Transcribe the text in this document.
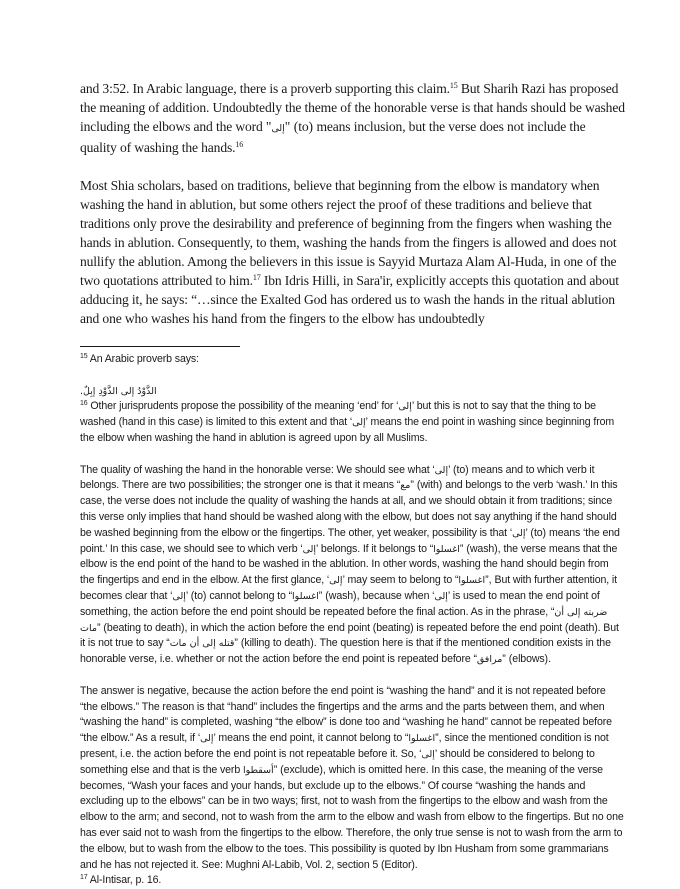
and 3:52. In Arabic language, there is a proverb supporting this claim.$^{15}$ But Sharih Razi has proposed the meaning of addition. Undoubtedly the theme of the honorable verse is that hands should be washed including the elbows and the word "إلى" (to) means inclusion, but the verse does not include the quality of washing the hands.$^{16}$

Most Shia scholars, based on traditions, believe that beginning from the elbow is mandatory when washing the hand in ablution, but some others reject the proof of these traditions and believe that traditions only prove the desirability and preference of beginning from the fingers when washing the hands in ablution. Consequently, to them, washing the hands from the fingers is allowed and does not nullify the ablution. Among the believers in this issue is Sayyid Murtaza Alam Al-Huda, in one of the two quotations attributed to him.$^{17}$ Ibn Idris Hilli, in Sara'ir, explicitly accepts this quotation and about adducing it, he says: “…since the Exalted God has ordered us to wash the hands in the ritual ablution and one who washes his hand from the fingers to the elbow has undoubtedly

$^{15}$ An Arabic proverb says:

.الذَّوْدُ إلى الذَّوْدِ إبِلٌ

$^{16}$ Other jurisprudents propose the possibility of the meaning ‘end’ for ‘إلى’ but this is not to say that the thing to be washed (hand in this case) is limited to this extent and that ‘إلى’ means the end point in washing since beginning from the elbow when washing the hand in ablution is agreed upon by all Muslims.

The quality of washing the hand in the honorable verse: We should see what ‘إلى’ (to) means and to which verb it belongs. There are two possibilities; the stronger one is that it means “مع” (with) and belongs to the verb ‘wash.’ In this case, the verse does not include the quality of washing the hands at all, and we should obtain it from traditions; since this verse only implies that hand should be washed along with the elbow, but does not say anything if the hand should be washed beginning from the elbow or the fingertips. The other, yet weaker, possibility is that ‘إلى’ (to) means ‘the end point.’ In this case, we should see to which verb ‘إلى’ belongs. If it belongs to “اغسلوا” (wash), the verse means that the elbow is the end point of the hand to be washed in the ablution. In other words, washing the hand should begin from the fingertips and end in the elbow. At the first glance, ‘إلى’ may seem to belong to “اغسلوا”, But with further attention, it becomes clear that ‘إلى’ (to) cannot belong to “اغسلوا” (wash), because when ‘إلى’ is used to mean the end point of something, the action before the end point should be repeated before the final action. As in the phrase, “ضربته إلى أن مات” (beating to death), in which the action before the end point (beating) is repeated before the end point (death). But it is not true to say “قتله إلى أن مات” (killing to death). The question here is that if the mentioned condition exists in the honorable verse, i.e. whether or not the action before the end point is repeated before “مرافق” (elbows).

The answer is negative, because the action before the end point is “washing the hand” and it is not repeated before “the elbows.” The reason is that “hand” includes the fingertips and the arms and the parts between them, and when “washing the hand” is completed, washing “the elbow” is done too and “washing he hand” cannot be repeated before “the elbow.” As a result, if ‘إلى’ means the end point, it cannot belong to “اغسلوا”, since the mentioned condition is not present, i.e. the action before the end point is not repeatable before it. So, ‘إلى’ should be considered to belong to something else and that is the verb أسقطوا” (exclude), which is omitted here. In this case, the meaning of the verse becomes, “Wash your faces and your hands, but exclude up to the elbows.” Of course “washing the hands and excluding up to the elbows” can be in two ways; first, not to wash from the fingertips to the elbow and wash from the elbow to the arm; and second, not to wash from the arm to the elbow and wash from elbow to the fingertips. But no one has ever said not to wash from the fingertips to the elbow. Therefore, the only true sense is not to wash from the arm to the elbow, but to wash from the elbow to the toes. This possibility is quoted by Ibn Husham from some grammarians and he has not rejected it. See: Mughni Al-Labib, Vol. 2, section 5 (Editor).

$^{17}$ Al-Intisar, p. 16.
